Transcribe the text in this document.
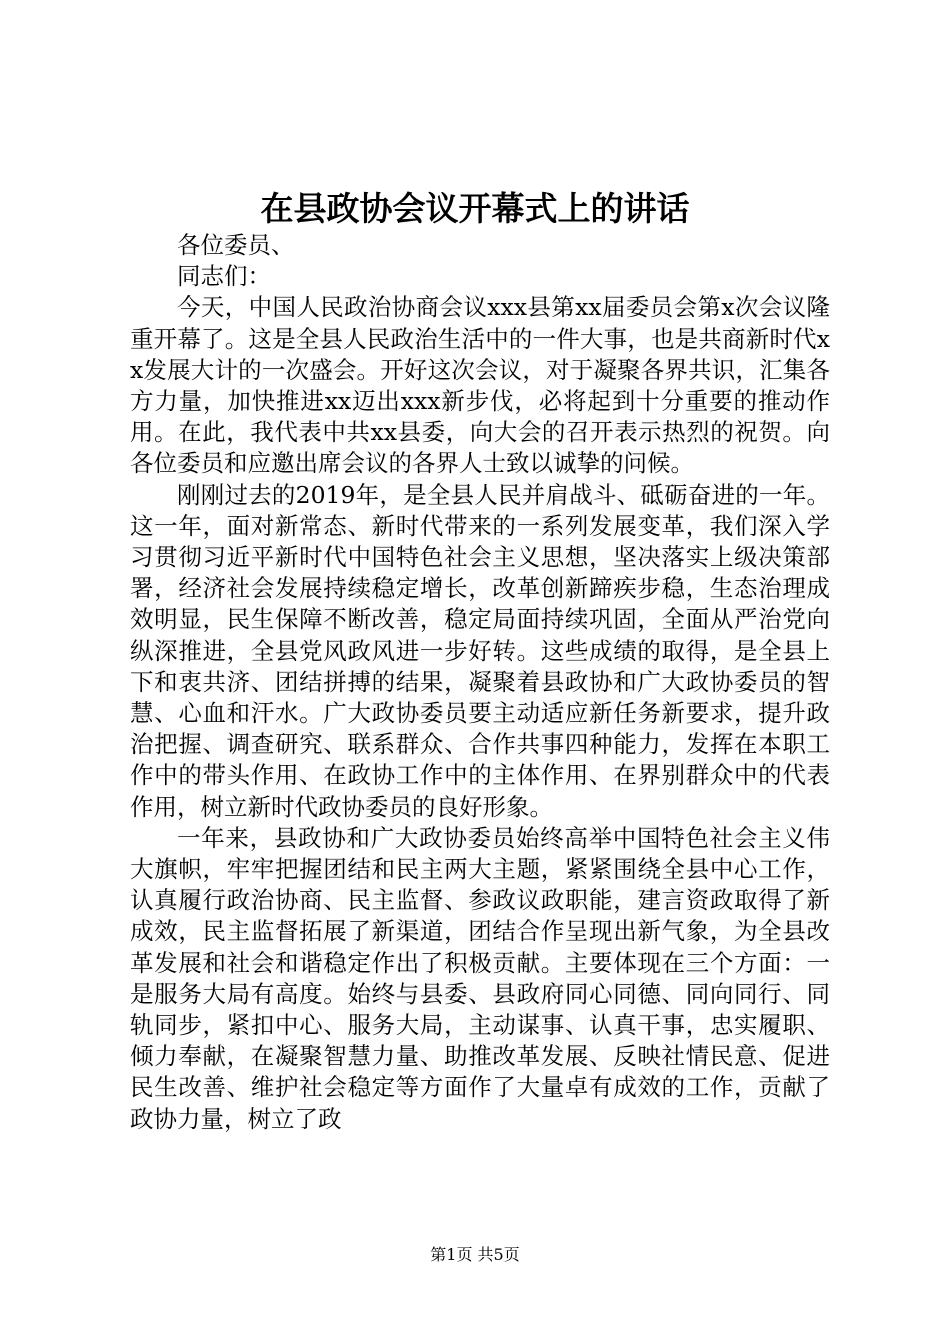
在县政协会议开幕式上的讲话

各位委员、

同志们：

今天，中国人民政治协商会议xxx县第xx届委员会第x次会议隆重开幕了。这是全县人民政治生活中的一件大事，也是共商新时代xx发展大计的一次盛会。开好这次会议，对于凝聚各界共识，汇集各方力量，加快推进xx迈出xxx新步伐，必将起到十分重要的推动作用。在此，我代表中共xx县委，向大会的召开表示热烈的祝贺。向各位委员和应邀出席会议的各界人士致以诚挚的问候。

刚刚过去的2019年，是全县人民并肩战斗、砥砺奋进的一年。这一年，面对新常态、新时代带来的一系列发展变革，我们深入学习贯彻习近平新时代中国特色社会主义思想，坚决落实上级决策部署，经济社会发展持续稳定增长，改革创新蹄疾步稳，生态治理成效明显，民生保障不断改善，稳定局面持续巩固，全面从严治党向纵深推进，全县党风政风进一步好转。这些成绩的取得，是全县上下和衷共济、团结拼搏的结果，凝聚着县政协和广大政协委员的智慧、心血和汗水。广大政协委员要主动适应新任务新要求，提升政治把握、调查研究、联系群众、合作共事四种能力，发挥在本职工作中的带头作用、在政协工作中的主体作用、在界别群众中的代表作用，树立新时代政协委员的良好形象。

一年来，县政协和广大政协委员始终高举中国特色社会主义伟大旗帜，牢牢把握团结和民主两大主题，紧紧围绕全县中心工作，认真履行政治协商、民主监督、参政议政职能，建言资政取得了新成效，民主监督拓展了新渠道，团结合作呈现出新气象，为全县改革发展和社会和谐稳定作出了积极贡献。主要体现在三个方面：一是服务大局有高度。始终与县委、县政府同心同德、同向同行、同轨同步，紧扣中心、服务大局，主动谋事、认真干事，忠实履职、倾力奉献，在凝聚智慧力量、助推改革发展、反映社情民意、促进民生改善、维护社会稳定等方面作了大量卓有成效的工作，贡献了政协力量，树立了政

第1页 共5页
